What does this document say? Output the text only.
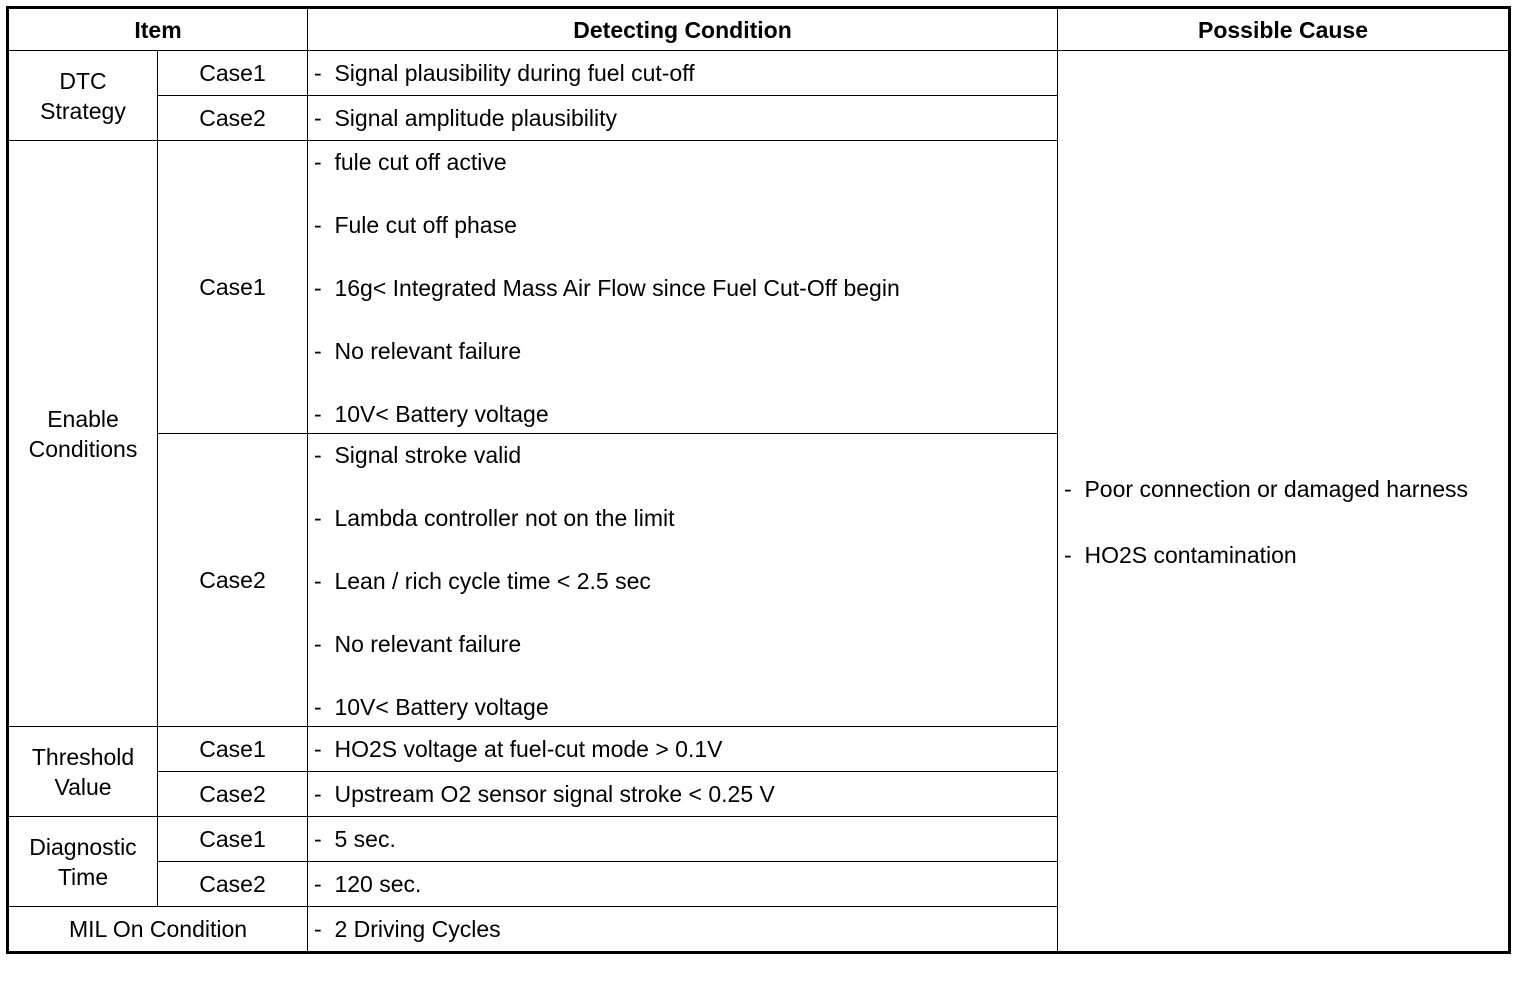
Item		Detecting Condition	Possible Cause

DTC
Strategy	Case1	-  Signal plausibility during fuel cut-off	-  Poor connection or damaged harness
-  HO2S contamination

	Case2	-  Signal amplitude plausibility

Enable
Conditions	Case1	-  fule cut off active
-  Fule cut off phase
-  16g< Integrated Mass Air Flow since Fuel Cut-Off begin
-  No relevant failure
-  10V< Battery voltage

	Case2	-  Signal stroke valid
-  Lambda controller not on the limit
-  Lean / rich cycle time < 2.5 sec
-  No relevant failure
-  10V< Battery voltage

Threshold
Value	Case1	-  HO2S voltage at fuel-cut mode > 0.1V
	Case2	-  Upstream O2 sensor signal stroke < 0.25 V

Diagnostic
Time	Case1	-  5 sec.
	Case2	-  120 sec.
MIL On Condition		-  2 Driving Cycles
